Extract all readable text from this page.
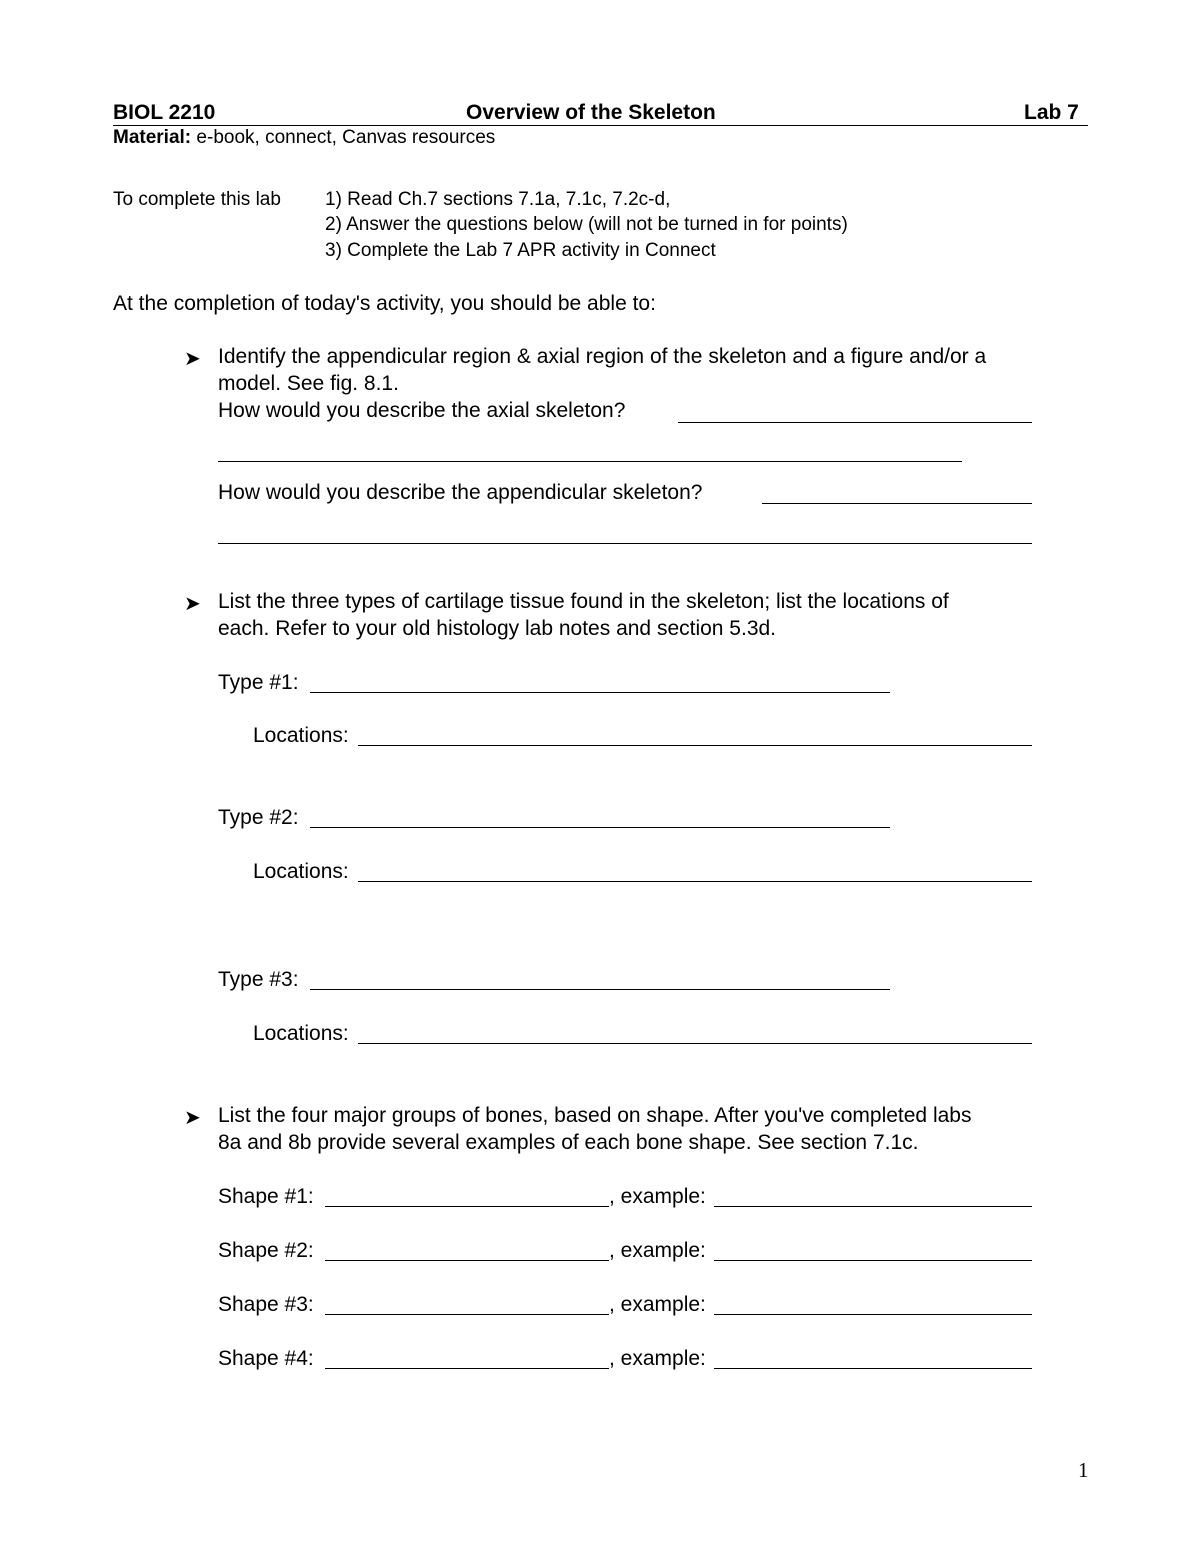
BIOL 2210	Overview of the Skeleton	Lab 7
Material: e-book, connect, Canvas resources
To complete this lab 1) Read Ch.7 sections 7.1a, 7.1c, 7.2c-d,
2) Answer the questions below (will not be turned in for points)
3) Complete the Lab 7 APR activity in Connect
At the completion of today's activity, you should be able to:
➤ Identify the appendicular region & axial region of the skeleton and a figure and/or a
model. See fig. 8.1.
How would you describe the axial skeleton?
How would you describe the appendicular skeleton?
➤ List the three types of cartilage tissue found in the skeleton; list the locations of
each. Refer to your old histology lab notes and section 5.3d.
Type #1:
Locations:
Type #2:
Locations:
Type #3:
Locations:
➤ List the four major groups of bones, based on shape. After you've completed labs
8a and 8b provide several examples of each bone shape. See section 7.1c.
Shape #1:	, example:
Shape #2:	, example:
Shape #3:	, example:
Shape #4:	, example:
1
